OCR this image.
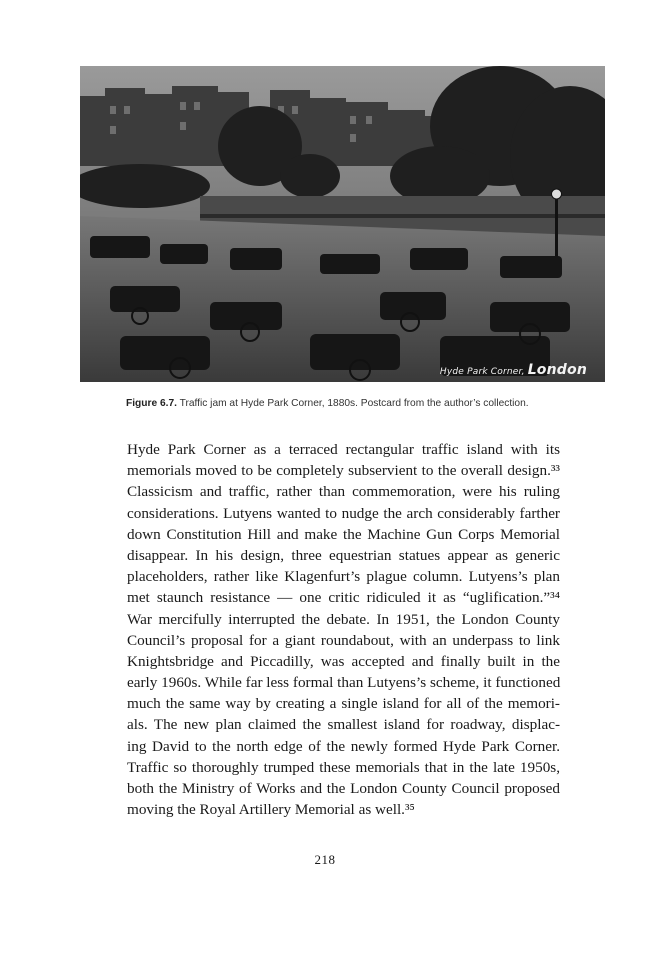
Hyde Park Corner, London
Figure 6.7. Traffic jam at Hyde Park Corner, 1880s. Postcard from the author’s collection.
Hyde Park Corner as a terraced rectangular traffic island with its
memorials moved to be completely subservient to the overall design.³³
Classicism and traffic, rather than commemoration, were his ruling
considerations. Lutyens wanted to nudge the arch considerably farther
down Constitution Hill and make the Machine Gun Corps Memorial
disappear. In his design, three equestrian statues appear as generic
placeholders, rather like Klagenfurt’s plague column. Lutyens’s plan
met staunch resistance — one critic ridiculed it as “uglification.”³⁴
War mercifully interrupted the debate. In 1951, the London County
Council’s proposal for a giant roundabout, with an underpass to link
Knightsbridge and Piccadilly, was accepted and finally built in the
early 1960s. While far less formal than Lutyens’s scheme, it functioned
much the same way by creating a single island for all of the memori-
als. The new plan claimed the smallest island for roadway, displac-
ing David to the north edge of the newly formed Hyde Park Corner.
Traffic so thoroughly trumped these memorials that in the late 1950s,
both the Ministry of Works and the London County Council proposed
moving the Royal Artillery Memorial as well.³⁵
218
